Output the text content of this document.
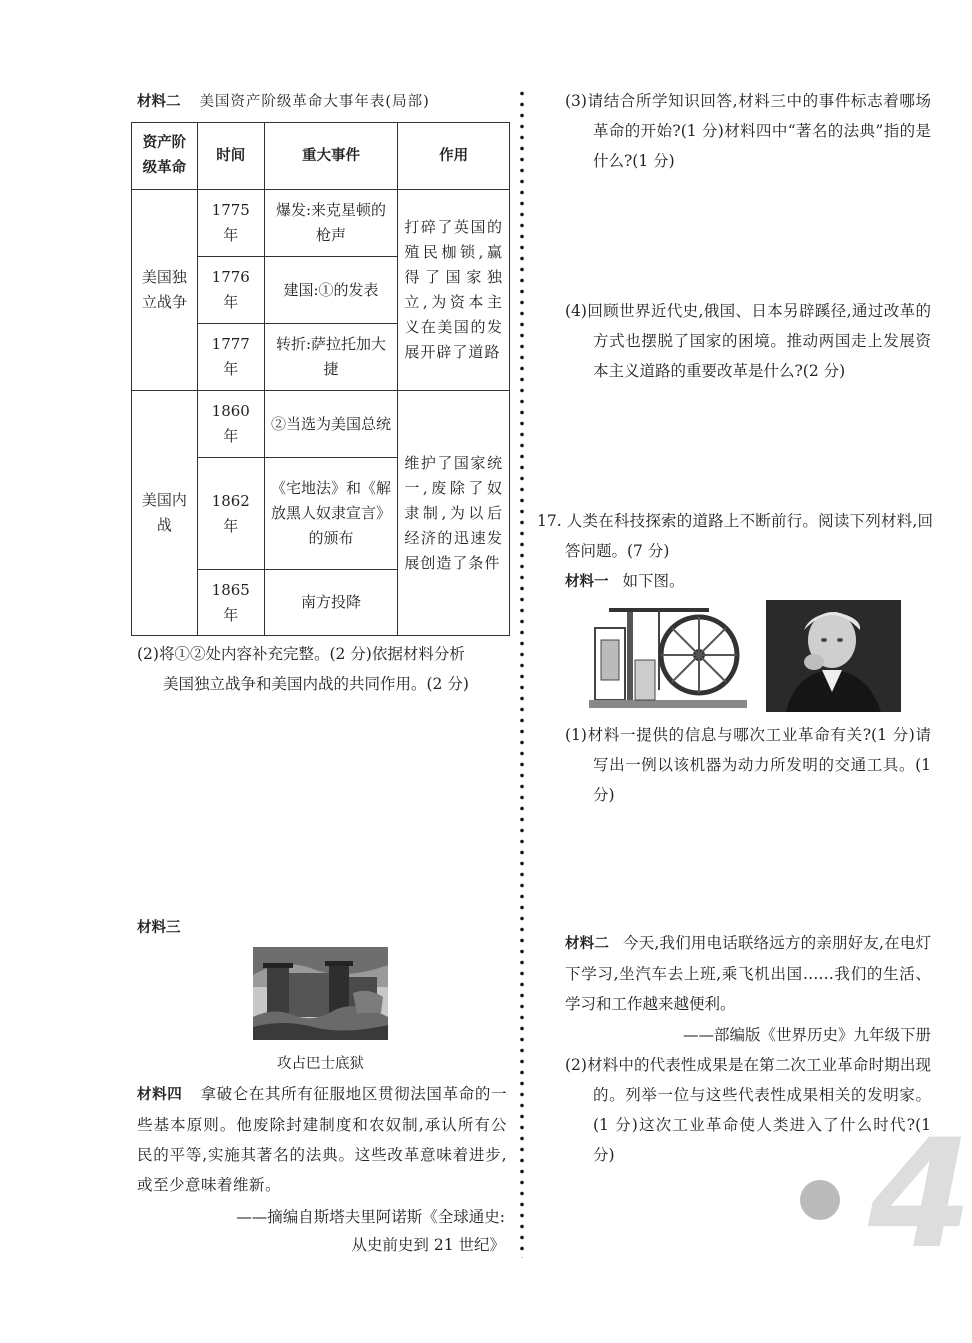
材料二 美国资产阶级革命大事年表(局部)
资产阶级革命	时间	重大事件	作用
美国独立战争	1775 年	爆发:来克星顿的枪声	打碎了英国的殖民枷锁,赢得了国家独立,为资本主义在美国的发展开辟了道路
	1776 年	建国:①的发表	
	1777 年	转折:萨拉托加大捷	
美国内战	1860 年	②当选为美国总统	维护了国家统一,废除了奴隶制,为以后经济的迅速发展创造了条件
	1862 年	《宅地法》和《解放黑人奴隶宣言》的颁布	
	1865 年	南方投降	
(2)将①②处内容补充完整。(2 分)依据材料分析
美国独立战争和美国内战的共同作用。(2 分)
材料三
攻占巴士底狱
材料四 拿破仑在其所有征服地区贯彻法国革命的一些基本原则。他废除封建制度和农奴制,承认所有公民的平等,实施其著名的法典。这些改革意味着进步,或至少意味着维新。
——摘编自斯塔夫里阿诺斯《全球通史:
从史前史到 21 世纪》
(3)请结合所学知识回答,材料三中的事件标志着哪场革命的开始?(1 分)材料四中“著名的法典”指的是什么?(1 分)
(4)回顾世界近代史,俄国、日本另辟蹊径,通过改革的方式也摆脱了国家的困境。推动两国走上发展资本主义道路的重要改革是什么?(2 分)
17. 人类在科技探索的道路上不断前行。阅读下列材料,回答问题。(7 分)
材料一 如下图。
(1)材料一提供的信息与哪次工业革命有关?(1 分)请写出一例以该机器为动力所发明的交通工具。(1 分)
材料二 今天,我们用电话联络远方的亲朋好友,在电灯下学习,坐汽车去上班,乘飞机出国……我们的生活、学习和工作越来越便利。
——部编版《世界历史》九年级下册
(2)材料中的代表性成果是在第二次工业革命时期出现的。列举一位与这些代表性成果相关的发明家。(1 分)这次工业革命使人类进入了什么时代?(1 分)	4
